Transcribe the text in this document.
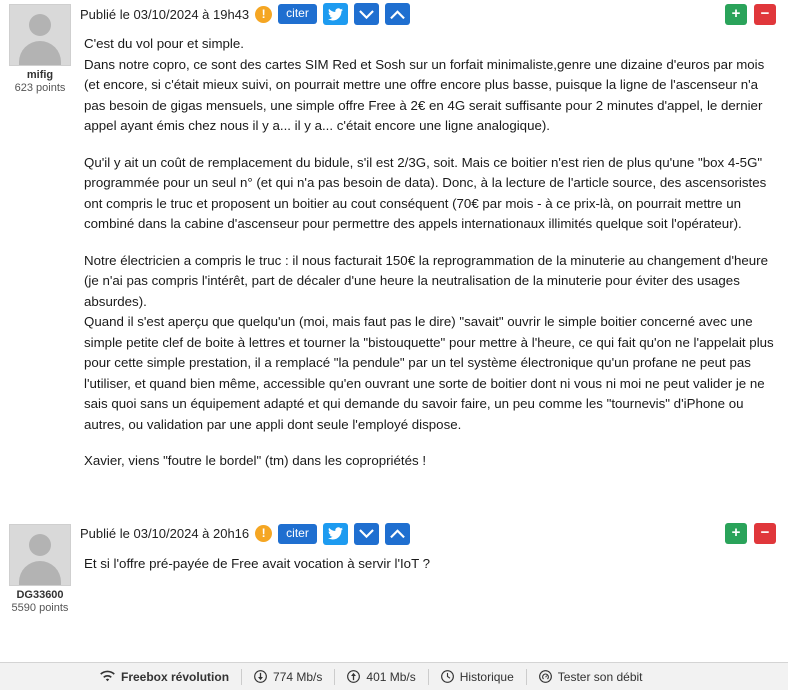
mifig
623 points
Publié le 03/10/2024 à 19h43	!	citer	+	−

C'est du vol pour et simple.

Dans notre copro, ce sont des cartes SIM Red et Sosh sur un forfait minimaliste,genre une dizaine d'euros par mois (et encore, si c'était mieux suivi, on pourrait mettre une offre encore plus basse, puisque la ligne de l'ascenseur n'a pas besoin de gigas mensuels, une simple offre Free à 2€ en 4G serait suffisante pour 2 minutes d'appel, le dernier appel ayant émis chez nous il y a... il y a... c'était encore une ligne analogique).

Qu'il y ait un coût de remplacement du bidule, s'il est 2/3G, soit. Mais ce boitier n'est rien de plus qu'une "box 4-5G" programmée pour un seul n° (et qui n'a pas besoin de data). Donc, à la lecture de l'article source, des ascensoristes ont compris le truc et proposent un boitier au cout conséquent (70€ par mois - à ce prix-là, on pourrait mettre un combiné dans la cabine d'ascenseur pour permettre des appels internationaux illimités quelque soit l'opérateur).

Notre électricien a compris le truc : il nous facturait 150€ la reprogrammation de la minuterie au changement d'heure (je n'ai pas compris l'intérêt, part de décaler d'une heure la neutralisation de la minuterie pour éviter des usages absurdes).

Quand il s'est aperçu que quelqu'un (moi, mais faut pas le dire) "savait" ouvrir le simple boitier concerné avec une simple petite clef de boite à lettres et tourner la "bistouquette" pour mettre à l'heure, ce qui fait qu'on ne l'appelait plus pour cette simple prestation, il a remplacé "la pendule" par un tel système électronique qu'un profane ne peut pas l'utiliser, et quand bien même, accessible qu'en ouvrant une sorte de boitier dont ni vous ni moi ne peut valider je ne sais quoi sans un équipement adapté et qui demande du savoir faire, un peu comme les "tournevis" d'iPhone ou autres, ou validation par une appli dont seule l'employé dispose.

Xavier, viens "foutre le bordel" (tm) dans les copropriétés !

DG33600
5590 points
Publié le 03/10/2024 à 20h16	!	citer	+	−

Et si l'offre pré-payée de Free avait vocation à servir l'IoT ?

Freebox révolution	774 Mb/s	401 Mb/s	Historique	Tester son débit
